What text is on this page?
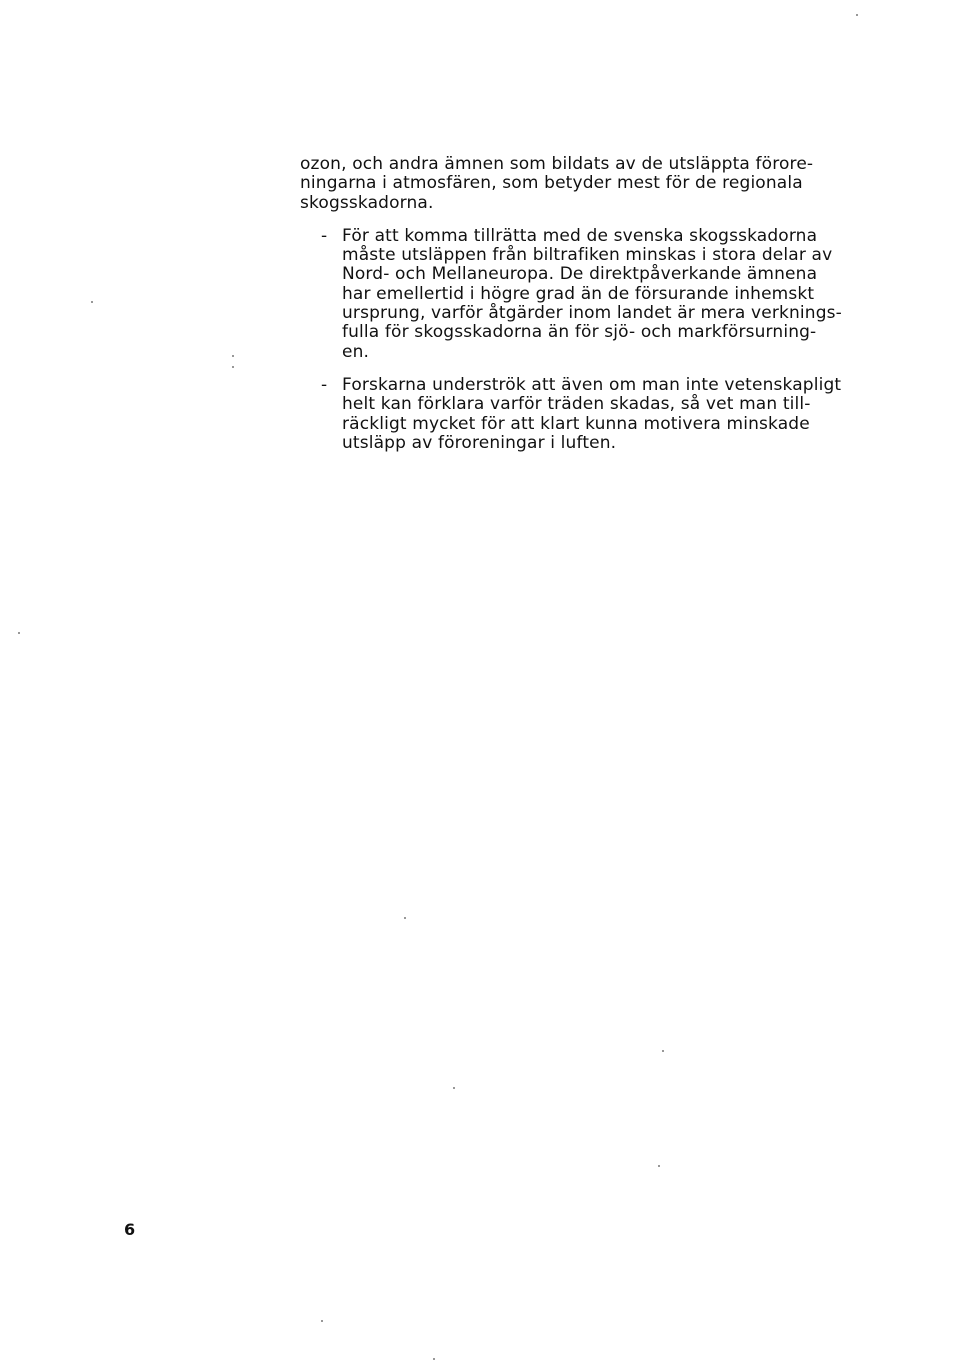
ozon, och andra ämnen som bildats av de utsläppta förore-
ningarna i atmosfären, som betyder mest för de regionala
skogsskadorna.

- För att komma tillrätta med de svenska skogsskadorna
måste utsläppen från biltrafiken minskas i stora delar av
Nord- och Mellaneuropa. De direktpåverkande ämnena
har emellertid i högre grad än de försurande inhemskt
ursprung, varför åtgärder inom landet är mera verknings-
fulla för skogsskadorna än för sjö- och markförsurning-
en.

- Forskarna underströk att även om man inte vetenskapligt
helt kan förklara varför träden skadas, så vet man till-
räckligt mycket för att klart kunna motivera minskade
utsläpp av föroreningar i luften.

6
